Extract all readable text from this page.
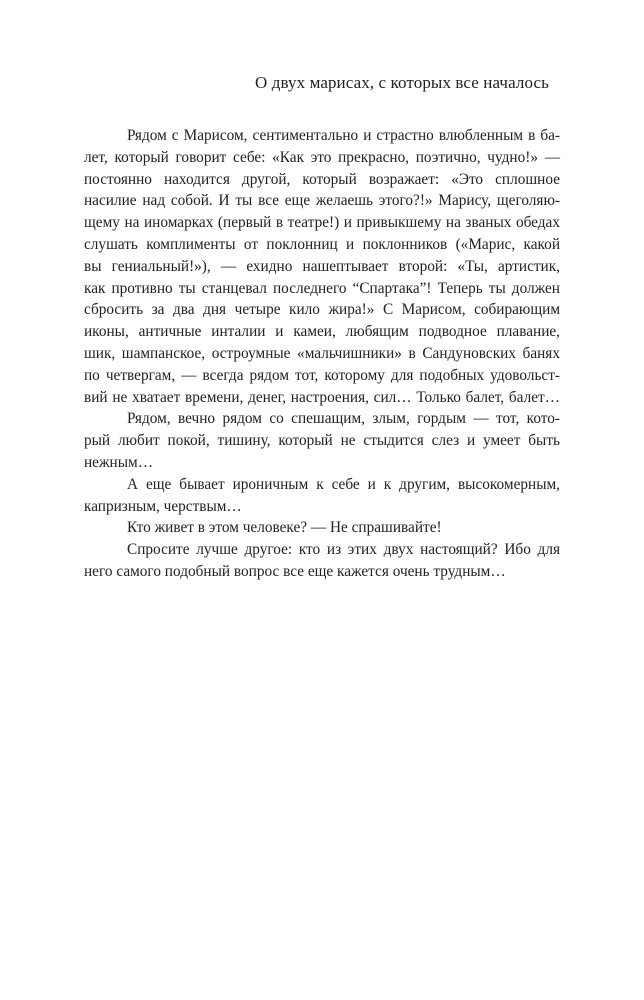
О двух марисах, с которых все началось
Рядом с Марисом, сентиментально и страстно влюбленным в ба-
лет, который говорит себе: «Как это прекрасно, поэтично, чудно!» —
постоянно находится другой, который возражает: «Это сплошное
насилие над собой. И ты все еще желаешь этого?!» Марису, щеголяю-
щему на иномарках (первый в театре!) и привыкшему на званых обедах
слушать комплименты от поклонниц и поклонников («Марис, какой
вы гениальный!»), — ехидно нашептывает второй: «Ты, артистик,
как противно ты станцевал последнего “Спартака”! Теперь ты должен
сбросить за два дня четыре кило жира!» С Марисом, собирающим
иконы, античные инталии и камеи, любящим подводное плавание,
шик, шампанское, остроумные «мальчишники» в Сандуновских банях
по четвергам, — всегда рядом тот, которому для подобных удовольст-
вий не хватает времени, денег, настроения, сил… Только балет, балет…
Рядом, вечно рядом со спешащим, злым, гордым — тот, кото-
рый любит покой, тишину, который не стыдится слез и умеет быть
нежным…
А еще бывает ироничным к себе и к другим, высокомерным,
капризным, черствым…
Кто живет в этом человеке? — Не спрашивайте!
Спросите лучше другое: кто из этих двух настоящий? Ибо для
него самого подобный вопрос все еще кажется очень трудным…
